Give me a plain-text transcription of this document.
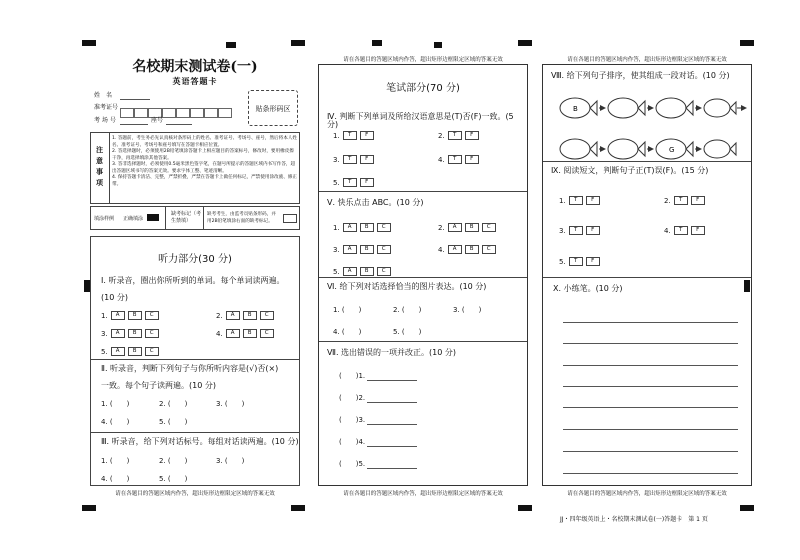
名校期末测试卷(一)
英语答题卡
姓　名
准考证号
考 场 号	座号
贴条形码区
注意事项
1. 答题前，考生务必先认真核对条形码上的姓名、准考证号、考场号、座号，然后将本人姓名、准考证号、考场号和座号填写在答题卡相应位置。
2. 答选择题时，必须使用2B铅笔填涂答题卡上相应题目的答案标号，修改时，要用橡皮擦干净，再选择填涂其他答案。
3. 答非选择题时，必须使用0.5毫米黑色签字笔，在题号所提示的答题区域内书写作答，超出答题区域书写的答案无效。要求字体工整、笔迹清晰。
4. 保持答题卡清洁、完整，严禁折叠，严禁在答题卡上做任何标记，严禁使用涂改液、修正带。
填涂样例 正确填涂
缺考标记（考生禁填）
缺考考生，由监考员贴条形码，并用2B铅笔填涂右面的缺考标记。
听力部分(30 分)
Ⅰ. 听录音，圈出你所听到的单词。每个单词读两遍。
(10 分)
1.	A	B	C	2.	A	B	C
3.	A	B	C	4.	A	B	C
5.	A	B	C
Ⅱ. 听录音，判断下列句子与你所听内容是(√)否(×)
一致。每个句子读两遍。(10 分)
1. (　　)	2. (　　)	3. (　　)
4. (　　)	5. (　　)
Ⅲ. 听录音，给下列对话标号。每组对话读两遍。(10 分)
1. (　　)	2. (　　)	3. (　　)
4. (　　)	5. (　　)
请在各题目的答题区域内作答，超出矩形边框限定区域的答案无效
请在各题目的答题区域内作答，超出矩形边框限定区域的答案无效
笔试部分(70 分)
Ⅳ. 判断下列单词及所给汉语意思是(T)否(F)一致。(5 分)
1.	T	F	2.	T	F
3.	T	F	4.	T	F
5.	T	F
Ⅴ. 快乐点击 ABC。(10 分)
1.	A	B	C	2.	A	B	C
3.	A	B	C	4.	A	B	C
5.	A	B	C
Ⅵ. 给下列对话选择恰当的图片表达。(10 分)
1. (　　)	2. (　　)	3. (　　)
4. (　　)	5. (　　)
Ⅶ. 选出错误的一项并改正。(10 分)
(　　)1.
(　　)2.
(　　)3.
(　　)4.
(　　)5.
请在各题目的答题区域内作答，超出矩形边框限定区域的答案无效
请在各题目的答题区域内作答，超出矩形边框限定区域的答案无效
Ⅷ. 给下列句子排序，使其组成一段对话。(10 分)
B
G
Ⅸ. 阅读短文，判断句子正(T)误(F)。(15 分)
1.	T	F	2.	T	F
3.	T	F	4.	T	F
5.	T	F
Ⅹ. 小练笔。(10 分)
请在各题目的答题区域内作答，超出矩形边框限定区域的答案无效
JJ・四年级英语上・名校期末测试卷(一)答题卡　第 1 页
